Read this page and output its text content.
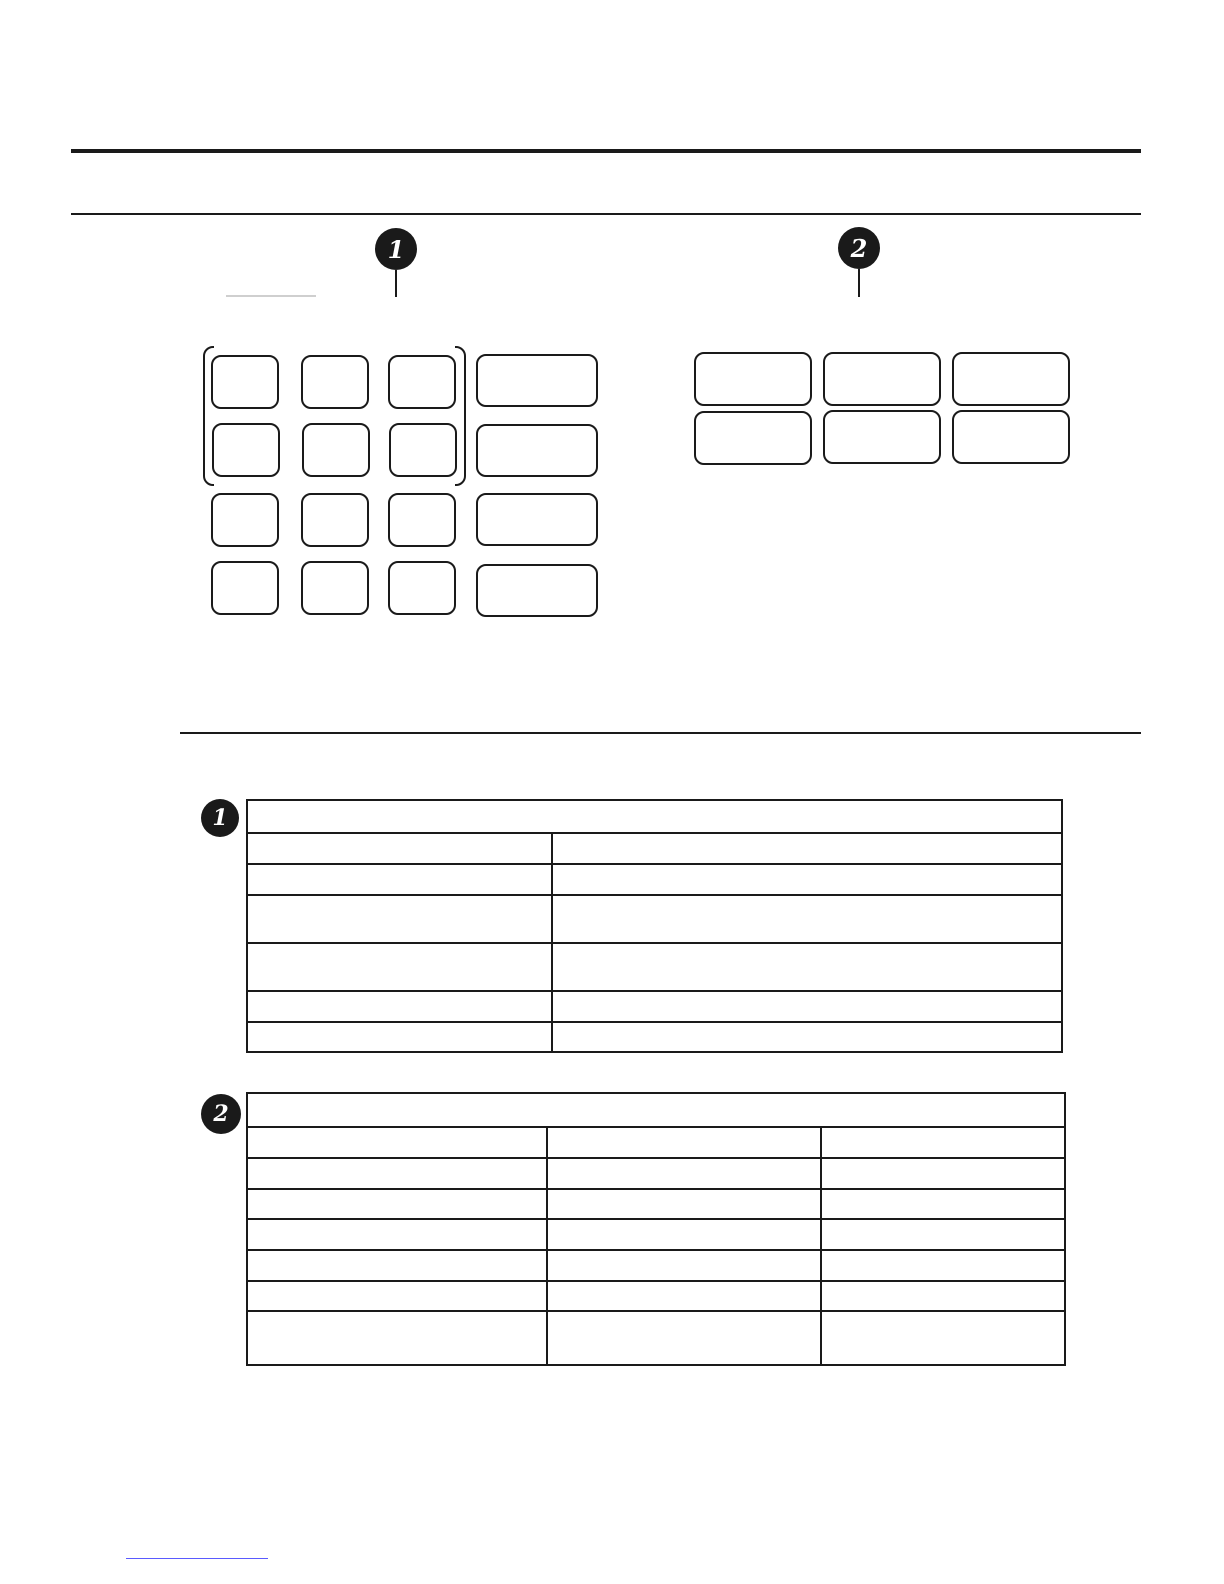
1	2
1

2
